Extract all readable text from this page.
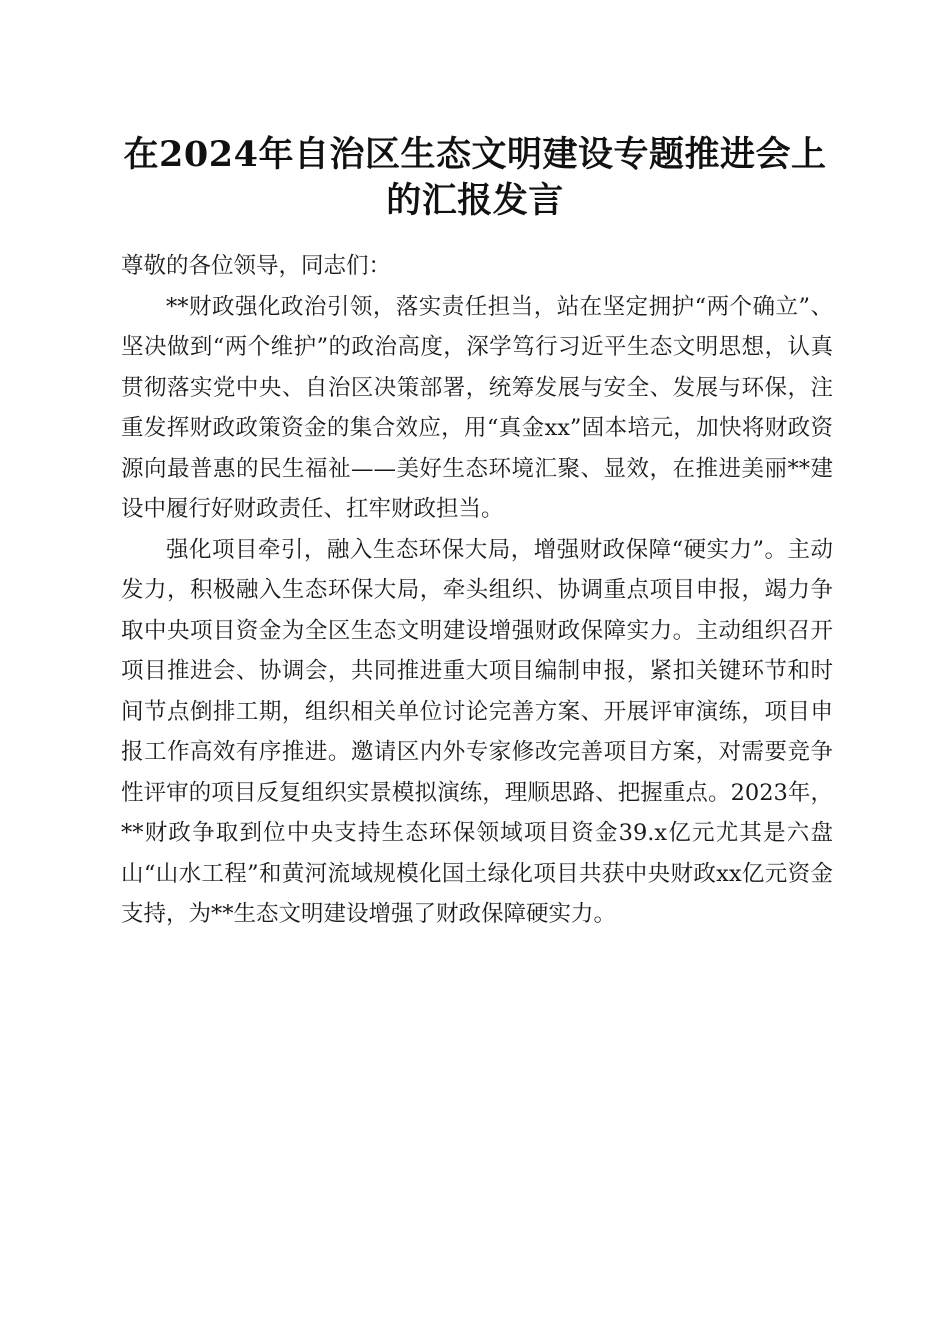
在2024年自治区生态文明建设专题推进会上的汇报发言

尊敬的各位领导，同志们：

**财政强化政治引领，落实责任担当，站在坚定拥护“两个确立”、坚决做到“两个维护”的政治高度，深学笃行习近平生态文明思想，认真贯彻落实党中央、自治区决策部署，统筹发展与安全、发展与环保，注重发挥财政政策资金的集合效应，用“真金xx”固本培元，加快将财政资源向最普惠的民生福祉——美好生态环境汇聚、显效，在推进美丽**建设中履行好财政责任、扛牢财政担当。

强化项目牵引，融入生态环保大局，增强财政保障“硬实力”。主动发力，积极融入生态环保大局，牵头组织、协调重点项目申报，竭力争取中央项目资金为全区生态文明建设增强财政保障实力。主动组织召开项目推进会、协调会，共同推进重大项目编制申报，紧扣关键环节和时间节点倒排工期，组织相关单位讨论完善方案、开展评审演练，项目申报工作高效有序推进。邀请区内外专家修改完善项目方案，对需要竞争性评审的项目反复组织实景模拟演练，理顺思路、把握重点。2023年，**财政争取到位中央支持生态环保领域项目资金39.x亿元尤其是六盘山“山水工程”和黄河流域规模化国土绿化项目共获中央财政xx亿元资金支持，为**生态文明建设增强了财政保障硬实力。
